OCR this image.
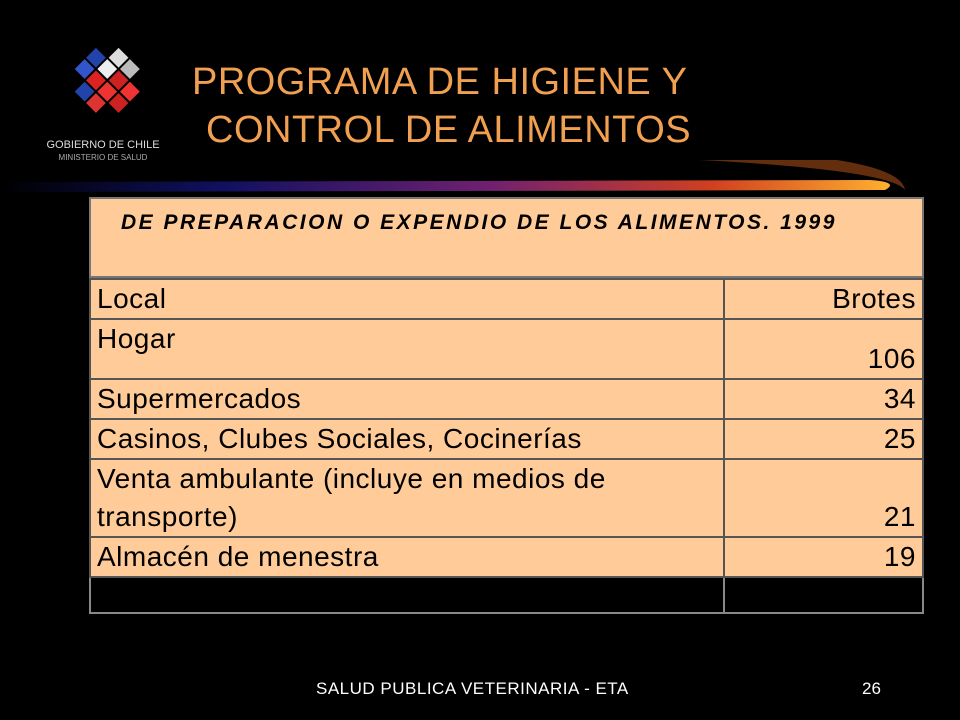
GOBIERNO DE CHILE
MINISTERIO DE SALUD
PROGRAMA DE HIGIENE Y
CONTROL DE ALIMENTOS
DE PREPARACION O EXPENDIO DE LOS ALIMENTOS. 1999
Local	Brotes
Hogar	106
Supermercados	34
Casinos, Clubes Sociales, Cocinerías	25
Venta ambulante (incluye en medios de transporte)	21
Almacén de menestra	19

SALUD PUBLICA VETERINARIA - ETA	26
